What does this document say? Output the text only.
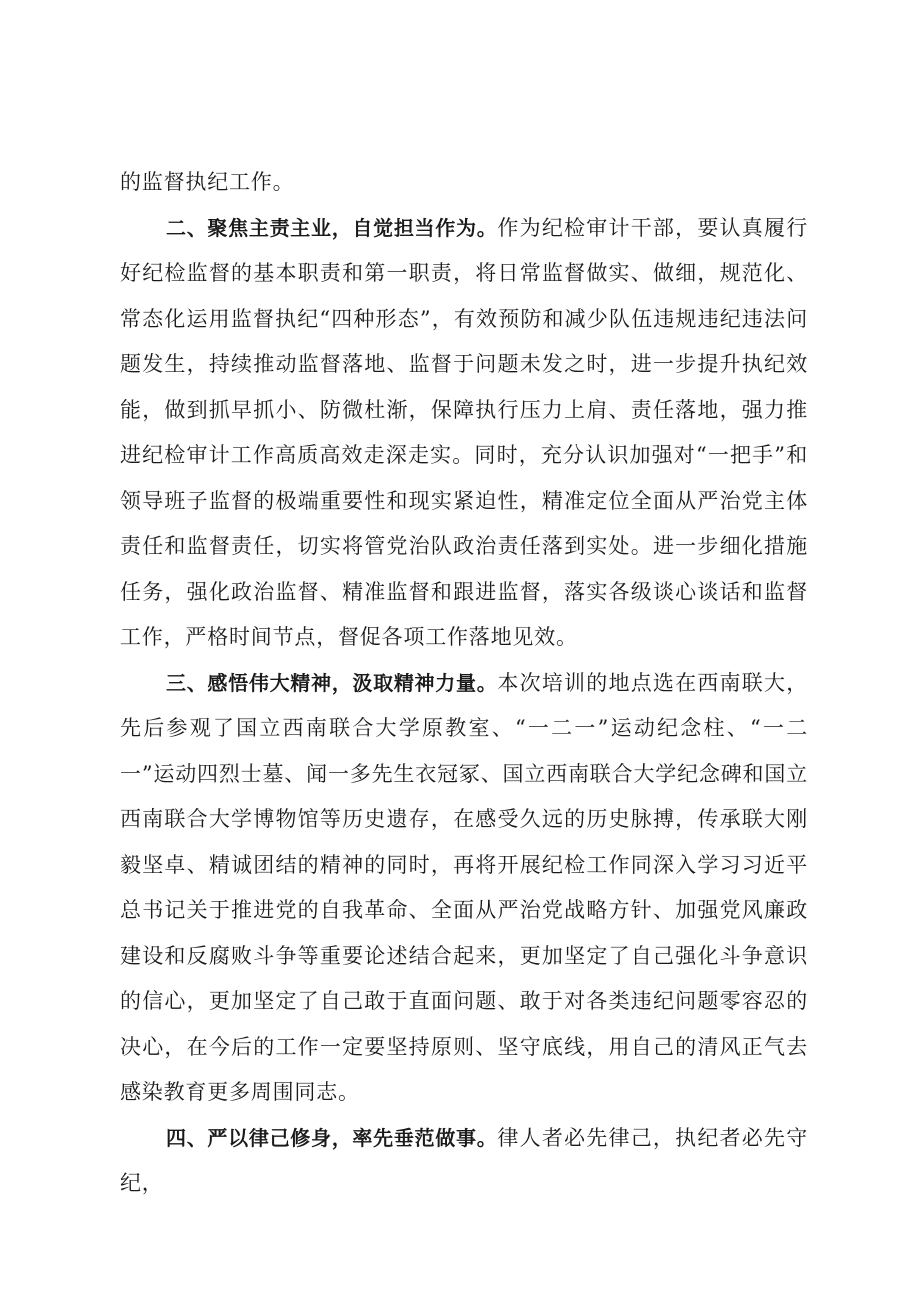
的监督执纪工作。

二、聚焦主责主业，自觉担当作为。作为纪检审计干部，要认真履行好纪检监督的基本职责和第一职责，将日常监督做实、做细，规范化、常态化运用监督执纪“四种形态”，有效预防和减少队伍违规违纪违法问题发生，持续推动监督落地、监督于问题未发之时，进一步提升执纪效能，做到抓早抓小、防微杜渐，保障执行压力上肩、责任落地，强力推进纪检审计工作高质高效走深走实。同时，充分认识加强对“一把手”和领导班子监督的极端重要性和现实紧迫性，精准定位全面从严治党主体责任和监督责任，切实将管党治队政治责任落到实处。进一步细化措施任务，强化政治监督、精准监督和跟进监督，落实各级谈心谈话和监督工作，严格时间节点，督促各项工作落地见效。

三、感悟伟大精神，汲取精神力量。本次培训的地点选在西南联大，先后参观了国立西南联合大学原教室、“一二一”运动纪念柱、“一二一”运动四烈士墓、闻一多先生衣冠冢、国立西南联合大学纪念碑和国立西南联合大学博物馆等历史遗存，在感受久远的历史脉搏，传承联大刚毅坚卓、精诚团结的精神的同时，再将开展纪检工作同深入学习习近平总书记关于推进党的自我革命、全面从严治党战略方针、加强党风廉政建设和反腐败斗争等重要论述结合起来，更加坚定了自己强化斗争意识的信心，更加坚定了自己敢于直面问题、敢于对各类违纪问题零容忍的决心，在今后的工作一定要坚持原则、坚守底线，用自己的清风正气去感染教育更多周围同志。

四、严以律己修身，率先垂范做事。律人者必先律己，执纪者必先守纪，
